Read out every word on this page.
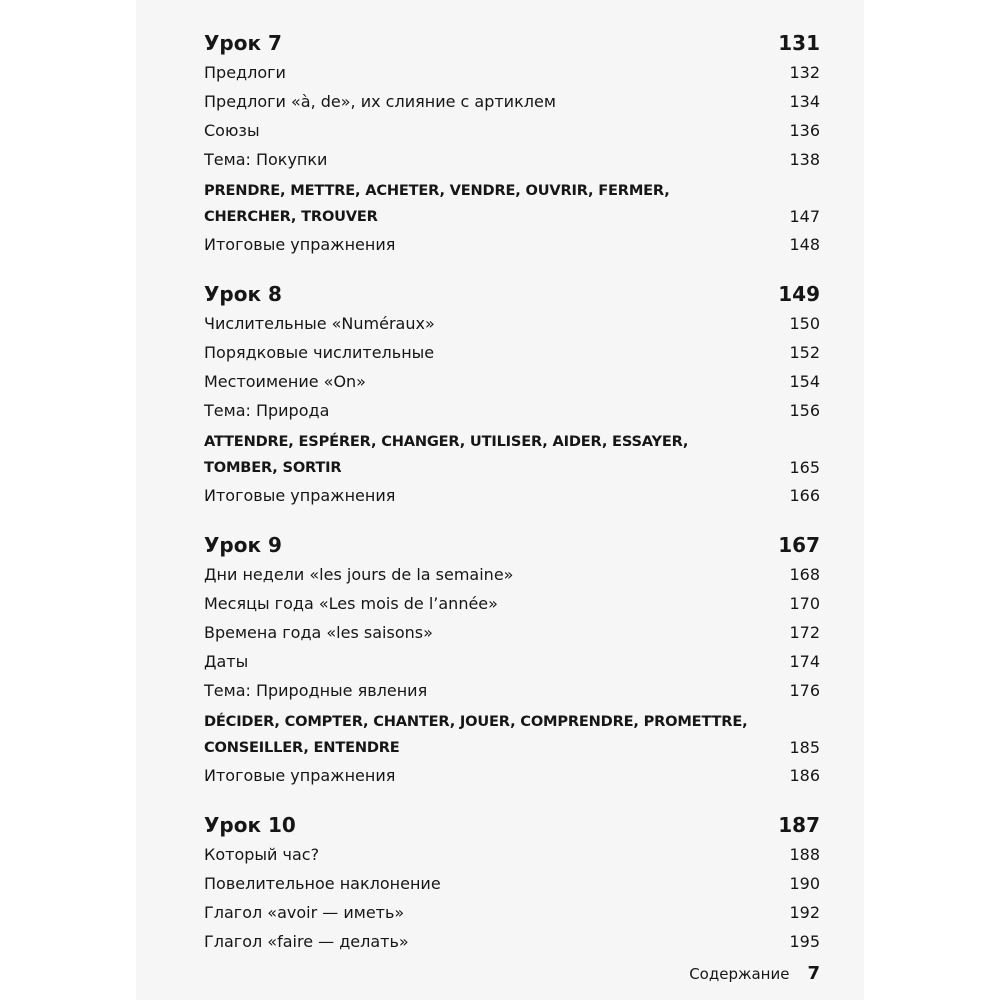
Урок 7	131
Предлоги	132
Предлоги «à, de», их слияние с артиклем	134
Союзы	136
Тема: Покупки	138
PRENDRE, METTRE, ACHETER, VENDRE, OUVRIR, FERMER, CHERCHER, TROUVER	147
Итоговые упражнения	148
Урок 8	149
Числительные «Numéraux»	150
Порядковые числительные	152
Местоимение «On»	154
Тема: Природа	156
ATTENDRE, ESPÉRER, CHANGER, UTILISER, AIDER, ESSAYER, TOMBER, SORTIR	165
Итоговые упражнения	166
Урок 9	167
Дни недели «les jours de la semaine»	168
Месяцы года «Les mois de l’année»	170
Времена года «les saisons»	172
Даты	174
Тема: Природные явления	176
DÉCIDER, COMPTER, CHANTER, JOUER, COMPRENDRE, PROMETTRE, CONSEILLER, ENTENDRE	185
Итоговые упражнения	186
Урок 10	187
Который час?	188
Повелительное наклонение	190
Глагол «avoir — иметь»	192
Глагол «faire — делать»	195
Содержание 7
